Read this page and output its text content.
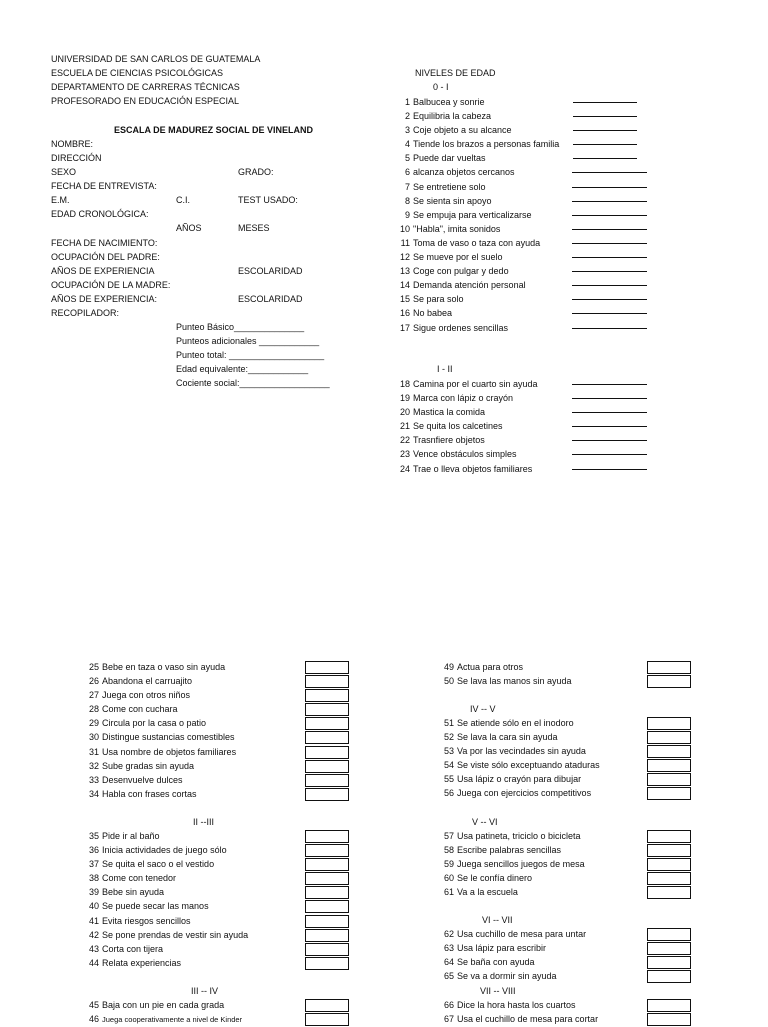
UNIVERSIDAD DE SAN CARLOS DE GUATEMALA
ESCUELA DE CIENCIAS PSICOLÓGICAS
DEPARTAMENTO DE CARRERAS TÉCNICAS
PROFESORADO EN EDUCACIÓN ESPECIAL
ESCALA DE MADUREZ SOCIAL DE VINELAND
NOMBRE:
DIRECCIÓN
SEXO	GRADO:
FECHA DE ENTREVISTA:
E.M.	C.I.	TEST USADO:
EDAD CRONOLÓGICA:
AÑOS	MESES
FECHA DE NACIMIENTO:
OCUPACIÓN DEL PADRE:
AÑOS DE EXPERIENCIA	ESCOLARIDAD
OCUPACIÓN DE LA MADRE:
AÑOS DE EXPERIENCIA:	ESCOLARIDAD
RECOPILADOR:
Punteo Básico______________
Punteos adicionales ____________
Punteo total: ___________________
Edad equivalente:____________
Cociente social:__________________
NIVELES DE EDAD
0 - I
1 Balbucea y sonrie
2 Equilibria la cabeza
3 Coje objeto a su alcance
4 Tiende los brazos a personas familia
5 Puede dar vueltas
6 alcanza objetos cercanos
7 Se entretiene solo
8 Se sienta sin apoyo
9 Se empuja para verticalizarse
10 "Habla", imita sonidos
11 Toma de vaso o taza con ayuda
12 Se mueve por el suelo
13 Coge con pulgar y dedo
14 Demanda atención personal
15 Se para solo
16 No babea
17 Sigue ordenes sencillas
I - II
18 Camina por el cuarto sin ayuda
19 Marca con lápiz o crayón
20 Mastica la comida
21 Se quita los calcetines
22 Trasnfiere objetos
23 Vence obstáculos simples
24 Trae o lleva objetos familiares
25 Bebe en taza o vaso sin ayuda
26 Abandona el carruajito
27 Juega con otros niños
28 Come con cuchara
29 Circula por la casa o patio
30 Distingue sustancias comestibles
31 Usa nombre de objetos familiares
32 Sube gradas sin ayuda
33 Desenvuelve dulces
34 Habla con frases cortas
II --III
35 Pide ir al baño
36 Inicia actividades de juego sólo
37 Se quita el saco o el vestido
38 Come con tenedor
39 Bebe sin ayuda
40 Se puede secar las manos
41 Evita riesgos sencillos
42 Se pone prendas de vestir sin ayuda
43 Corta con tijera
44 Relata experiencias
III -- IV
45 Baja con un pie en cada grada
46 Juega cooperativamente a nivel de Kinder
49 Actua para otros
50 Se lava las manos sin ayuda
IV -- V
51 Se atiende sólo en el inodoro
52 Se lava la cara sin ayuda
53 Va por las vecindades sin ayuda
54 Se viste sólo exceptuando ataduras
55 Usa lápiz o crayón para dibujar
56 Juega con ejercicios competitivos
V -- VI
57 Usa patineta, triciclo o bicicleta
58 Escribe palabras sencillas
59 Juega sencillos juegos de mesa
60 Se le confía dinero
61 Va a la escuela
VI -- VII
62 Usa cuchillo de mesa para untar
63 Usa lápiz para escribir
64 Se baña con ayuda
65 Se va a dormir sin ayuda
VII -- VIII
66 Dice la hora hasta los cuartos
67 Usa el cuchillo de mesa para cortar
